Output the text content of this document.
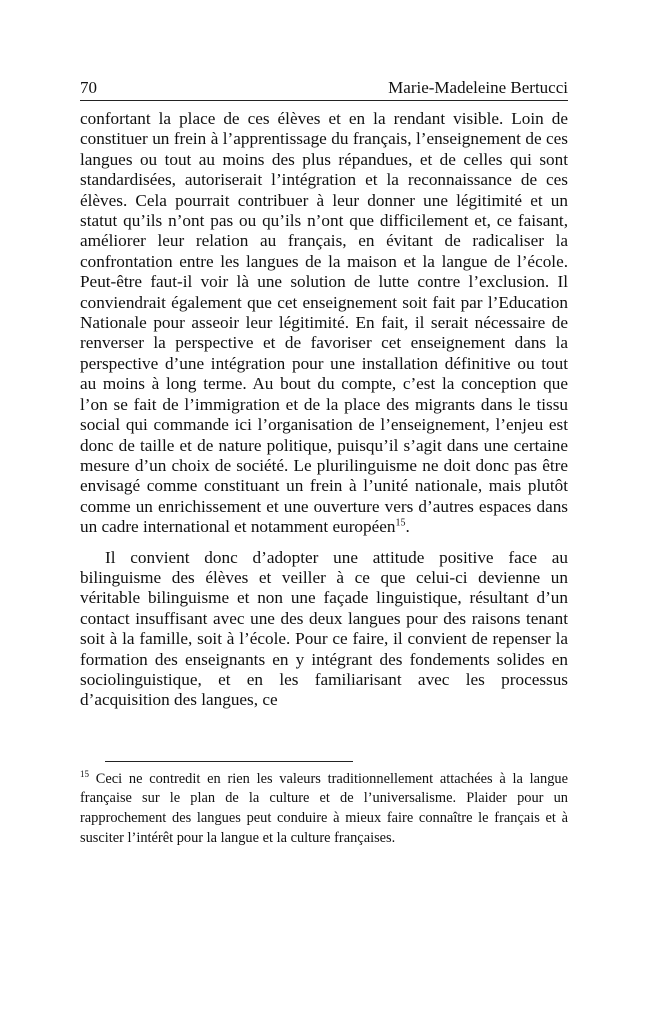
70	Marie-Madeleine Bertucci

confortant la place de ces élèves et en la rendant visible. Loin de constituer un frein à l’apprentissage du français, l’enseignement de ces langues ou tout au moins des plus répandues, et de celles qui sont standardisées, autoriserait l’intégration et la reconnaissance de ces élèves. Cela pourrait contribuer à leur donner une légitimité et un statut qu’ils n’ont pas ou qu’ils n’ont que difficilement et, ce faisant, améliorer leur relation au français, en évitant de radicaliser la confrontation entre les langues de la maison et la langue de l’école. Peut-être faut-il voir là une solution de lutte contre l’exclusion. Il conviendrait également que cet enseignement soit fait par l’Education Nationale pour asseoir leur légitimité. En fait, il serait nécessaire de renverser la perspective et de favoriser cet enseignement dans la perspective d’une intégration pour une installation définitive ou tout au moins à long terme. Au bout du compte, c’est la conception que l’on se fait de l’immigration et de la place des migrants dans le tissu social qui commande ici l’organisation de l’enseignement, l’enjeu est donc de taille et de nature politique, puisqu’il s’agit dans une certaine mesure d’un choix de société. Le plurilinguisme ne doit donc pas être envisagé comme constituant un frein à l’unité nationale, mais plutôt comme un enrichissement et une ouverture vers d’autres espaces dans un cadre international et notamment européen$^{15}$.

Il convient donc d’adopter une attitude positive face au bilinguisme des élèves et veiller à ce que celui-ci devienne un véritable bilinguisme et non une façade linguistique, résultant d’un contact insuffisant avec une des deux langues pour des raisons tenant soit à la famille, soit à l’école. Pour ce faire, il convient de repenser la formation des enseignants en y intégrant des fondements solides en sociolinguistique, et en les familiarisant avec les processus d’acquisition des langues, ce

$^{15}$ Ceci ne contredit en rien les valeurs traditionnellement attachées à la langue française sur le plan de la culture et de l’universalisme. Plaider pour un rapprochement des langues peut conduire à mieux faire connaître le français et à susciter l’intérêt pour la langue et la culture françaises.
